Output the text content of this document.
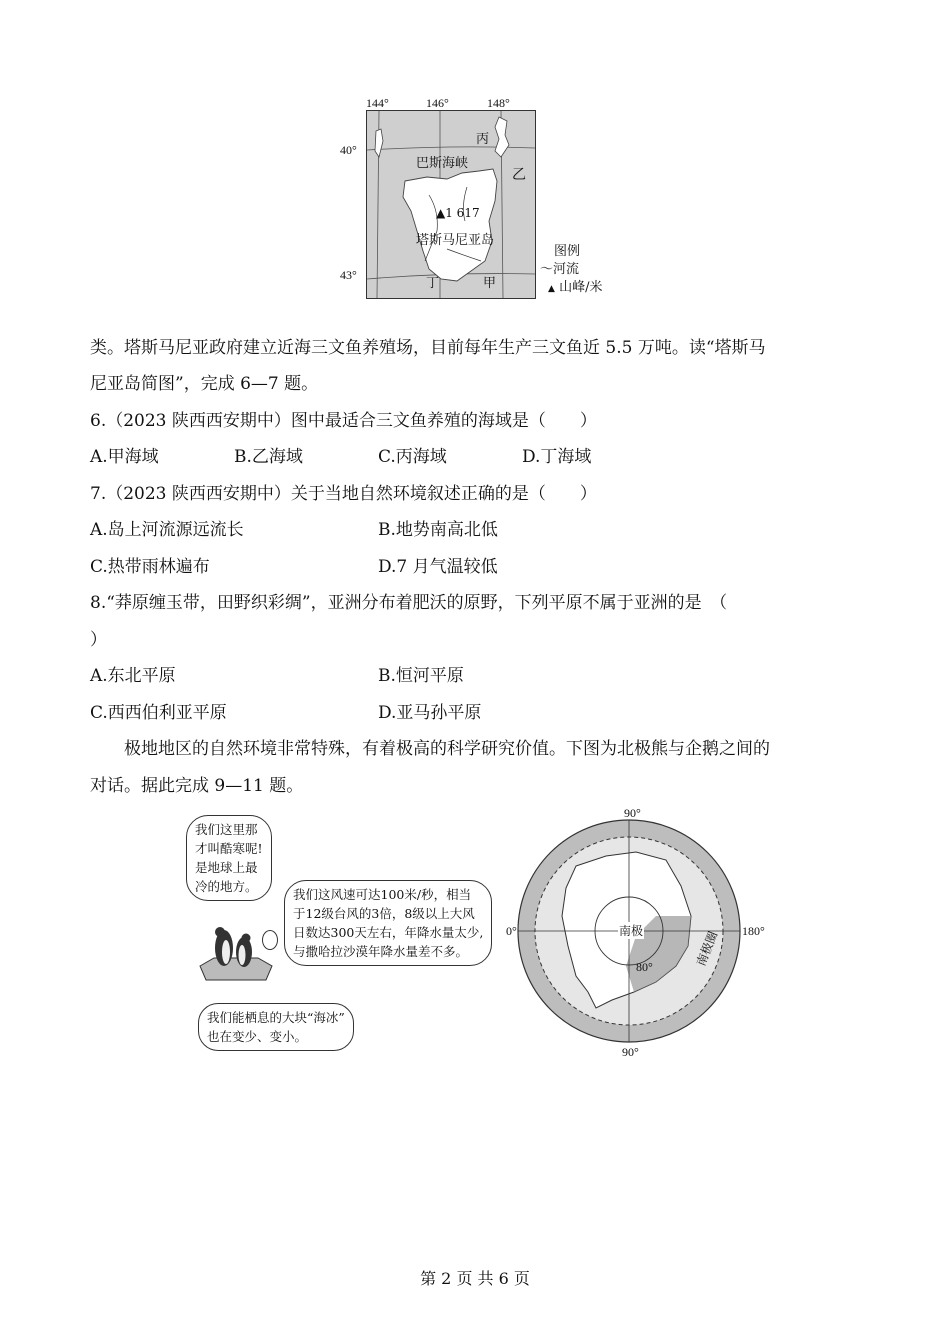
144°	146°	148°
40°
43°
丙
巴斯海峡
乙
▲1 617
塔斯马尼亚岛
丁	甲
图例
〜河流
▲ 山峰/米
类。塔斯马尼亚政府建立近海三文鱼养殖场，目前每年生产三文鱼近 5.5 万吨。读“塔斯马
尼亚岛简图”，完成 6—7 题。
6.（2023 陕西西安期中）图中最适合三文鱼养殖的海域是（　　）
A.甲海域	B.乙海域	C.丙海域	D.丁海域
7.（2023 陕西西安期中）关于当地自然环境叙述正确的是（　　）
A.岛上河流源远流长	B.地势南高北低
C.热带雨林遍布	D.7 月气温较低
8.“莽原缠玉带，田野织彩绸”，亚洲分布着肥沃的原野，下列平原不属于亚洲的是　（
）
A.东北平原	B.恒河平原
C.西西伯利亚平原	D.亚马孙平原
极地地区的自然环境非常特殊，有着极高的科学研究价值。下图为北极熊与企鹅之间的
对话。据此完成 9—11 题。
我们这里那
才叫酷寒呢!
是地球上最
冷的地方。
我们这风速可达100米/秒，相当
于12级台风的3倍，8级以上大风
日数达300天左右，年降水量太少,
与撒哈拉沙漠年降水量差不多。
我们能栖息的大块“海冰”
也在变少、变小。
90°
90°
0°	180°
南极
80°	南极圈
第 2 页 共 6 页
